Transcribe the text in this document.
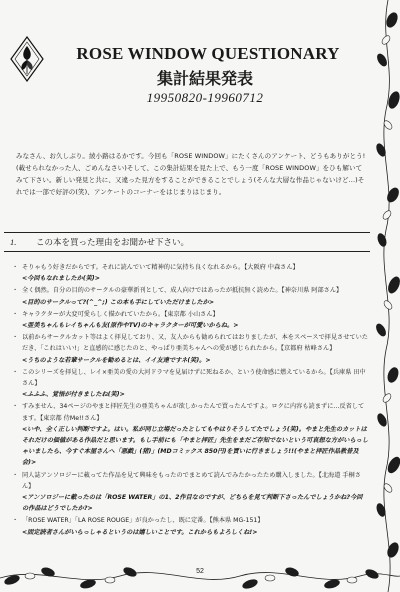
ROSE WINDOW QUESTIONARY
集計結果発表
19950820-19960712
みなさん、お久しぶり。綾小路はるかです。今回も「ROSE WINDOW」にたくさんのアンケート、どうもありがとう!(載せられなかった人、ごめんなさい)そして、この集計結果を見た上で、もう一度「ROSE WINDOW」をひも解いてみて下さい。新しい発見と共に、又違った見方をすることができることでしょう(そんな大層な作品じゃないけど...)それでは一部で好評の(笑)、アンケートのコーナーをはじまりはじまり。
1. この本を買った理由をお聞かせ下さい。
・ そりゃもう好きだからです。それに読んでいて精神的に気持ち良くなれるから。【大阪府 中森さん】
<今回もなれましたか(笑)>
・ 全く偶然。自分の目的のサークルの豪華新刊として、成人向けではあったが抵抗無く読めた。【神奈川県 阿部さん】
<目的のサークルって?(^_^;) この本も手にしていただけましたか>
・ キャラクターが大変可愛らしく描かれていたから。【東京都 小山さん】
<亜美ちゃんもレイちゃんも友(原作やTV)のキャラクターが可愛いからね。>
・ 以前からサークルカット等はよく拝見しており、又、友人からも勧められてはおりましたが、本をスペースで拝見させていただき、「これはいい!」と直感的に感じたのと、やっぱり亜美ちゃんへの愛が感じられたから。【京都府 枯峰さん】
<うちのような若輩サークルを勧めるとは、イイ友達ですネ(笑)。>
・ このシリーズを拝見し、レイ×亜美の愛の大河ドラマを見届けずに死ねるか、という使命感に燃えているから。【兵庫県 田中さん】
<ふふふ、覚悟が付きましたね(笑)>
・ すみません、34ページのやまと拝匠先生の亜美ちゃんが欲しかったんで買ったんですよ。ロクに内容も読まずに…反省してます。【東京都 侍Me!!さん】
<いや、全く正しい判断ですよ。はい。私が同じ立場だったとしてもやはりそうしてたでしょう(笑)。やまと先生のカットはそれだけの価値がある作品だと思います。もし手前にも「やまと拝匠」先生をまだご存知でないという可哀想な方がいらっしゃいましたら、今すぐ本屋さんへ「悪戯」(猪)」(MDコミックス 850円)を買いに行きましょう!!(やまと拝匠作品教普及会)>
・ 同人誌アンソロジーに載ってた作品を見て興味をもったのでまとめて読んでみたかったため購入しました。【北海道 手桐さん】
<アンソロジーに載ったのは「ROSE WATER」の1、2作目なのですが、どちらを見て判断下さったんでしょうかね?今回の作品はどうでしたか?>
・ 「ROSE WATER」「LA ROSE ROUGE」が良かったし、既に定番。【熊本県 MG-151】
<固定読者さんがいらっしゃるというのは嬉しいことです。これからもよろしくね!>
52
